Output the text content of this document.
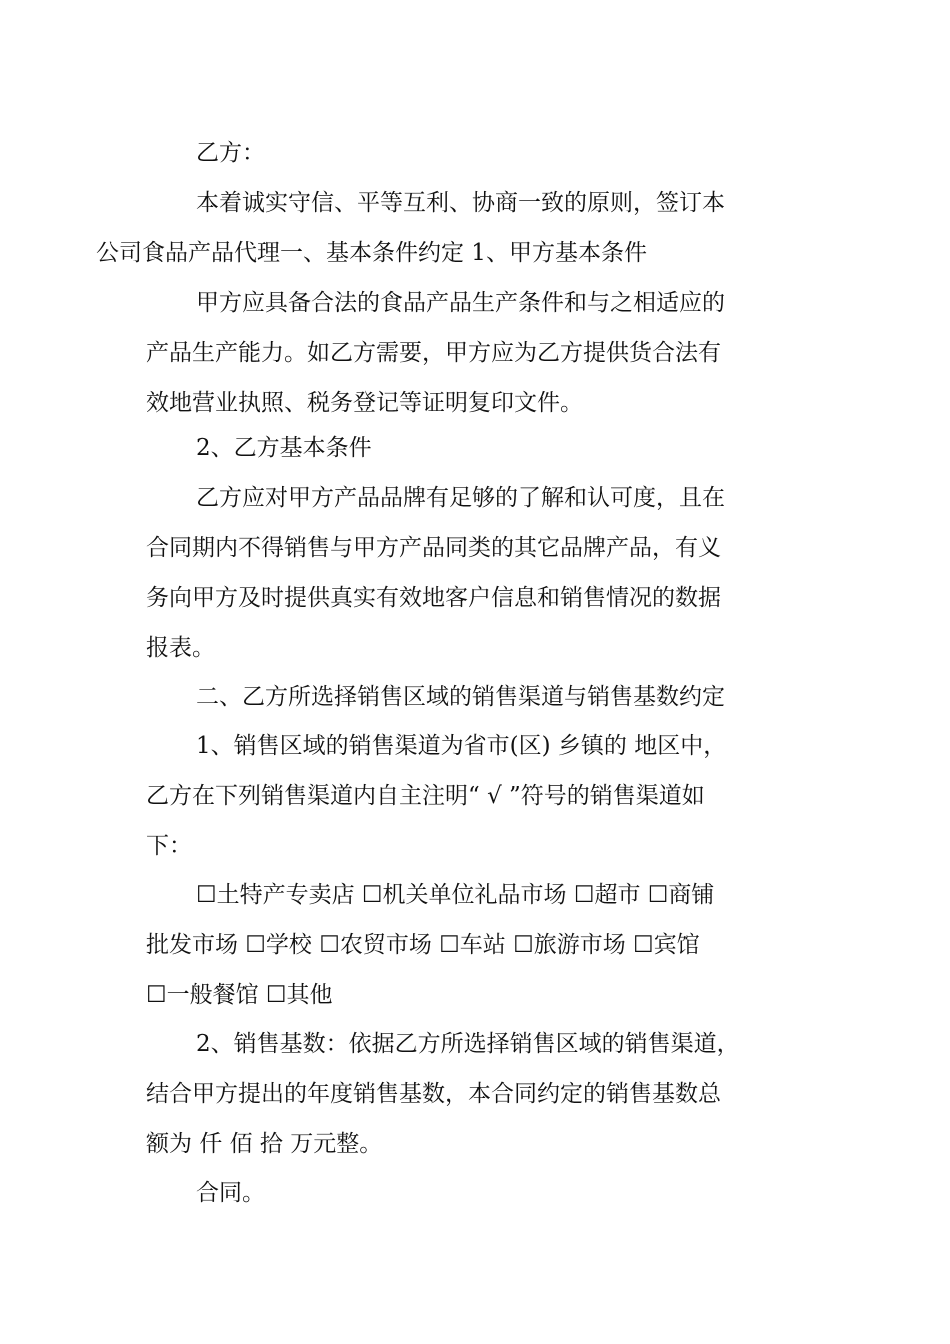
乙方：
本着诚实守信、平等互利、协商一致的原则，签订本
公司食品产品代理一、基本条件约定 1、甲方基本条件
甲方应具备合法的食品产品生产条件和与之相适应的
产品生产能力。如乙方需要，甲方应为乙方提供货合法有
效地营业执照、税务登记等证明复印文件。
2、乙方基本条件
乙方应对甲方产品品牌有足够的了解和认可度，且在
合同期内不得销售与甲方产品同类的其它品牌产品，有义
务向甲方及时提供真实有效地客户信息和销售情况的数据
报表。
二、乙方所选择销售区域的销售渠道与销售基数约定
1、销售区域的销售渠道为省市(区) 乡镇的 地区中，
乙方在下列销售渠道内自主注明“ √ ”符号的销售渠道如
下：
☐土特产专卖店 ☐机关单位礼品市场 ☐超市 ☐商铺
批发市场 ☐学校 ☐农贸市场 ☐车站 ☐旅游市场 ☐宾馆
☐一般餐馆 ☐其他
2、销售基数：依据乙方所选择销售区域的销售渠道，
结合甲方提出的年度销售基数，本合同约定的销售基数总
额为 仟 佰 拾 万元整。
合同。
